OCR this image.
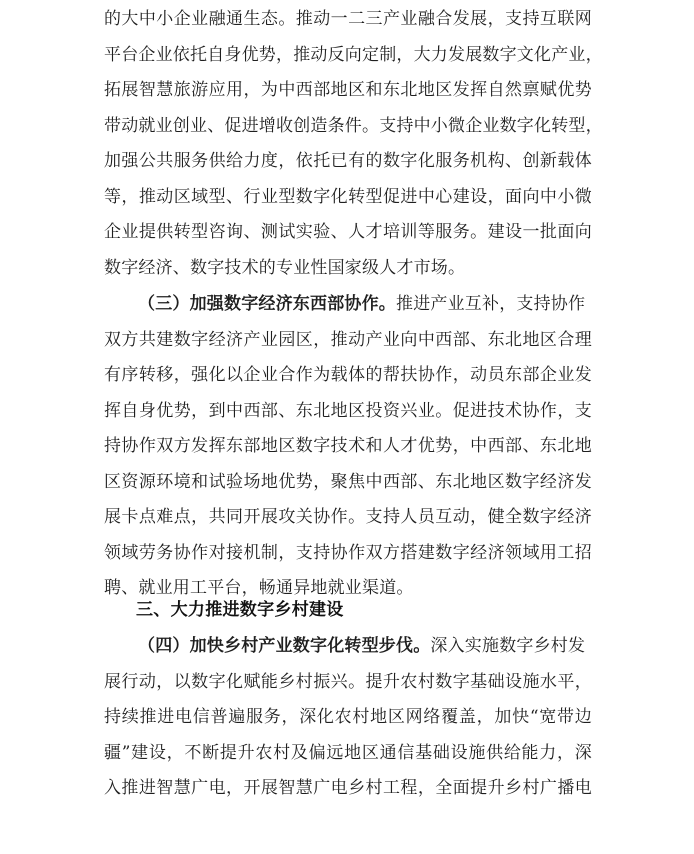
的大中小企业融通生态。推动一二三产业融合发展，支持互联网
平台企业依托自身优势，推动反向定制，大力发展数字文化产业，
拓展智慧旅游应用，为中西部地区和东北地区发挥自然禀赋优势
带动就业创业、促进增收创造条件。支持中小微企业数字化转型，
加强公共服务供给力度，依托已有的数字化服务机构、创新载体
等，推动区域型、行业型数字化转型促进中心建设，面向中小微
企业提供转型咨询、测试实验、人才培训等服务。建设一批面向
数字经济、数字技术的专业性国家级人才市场。
（三）加强数字经济东西部协作。推进产业互补，支持协作
双方共建数字经济产业园区，推动产业向中西部、东北地区合理
有序转移，强化以企业合作为载体的帮扶协作，动员东部企业发
挥自身优势，到中西部、东北地区投资兴业。促进技术协作，支
持协作双方发挥东部地区数字技术和人才优势，中西部、东北地
区资源环境和试验场地优势，聚焦中西部、东北地区数字经济发
展卡点难点，共同开展攻关协作。支持人员互动，健全数字经济
领域劳务协作对接机制，支持协作双方搭建数字经济领域用工招
聘、就业用工平台，畅通异地就业渠道。
三、大力推进数字乡村建设
（四）加快乡村产业数字化转型步伐。深入实施数字乡村发
展行动，以数字化赋能乡村振兴。提升农村数字基础设施水平，
持续推进电信普遍服务，深化农村地区网络覆盖，加快“宽带边
疆”建设，不断提升农村及偏远地区通信基础设施供给能力，深
入推进智慧广电，开展智慧广电乡村工程，全面提升乡村广播电
